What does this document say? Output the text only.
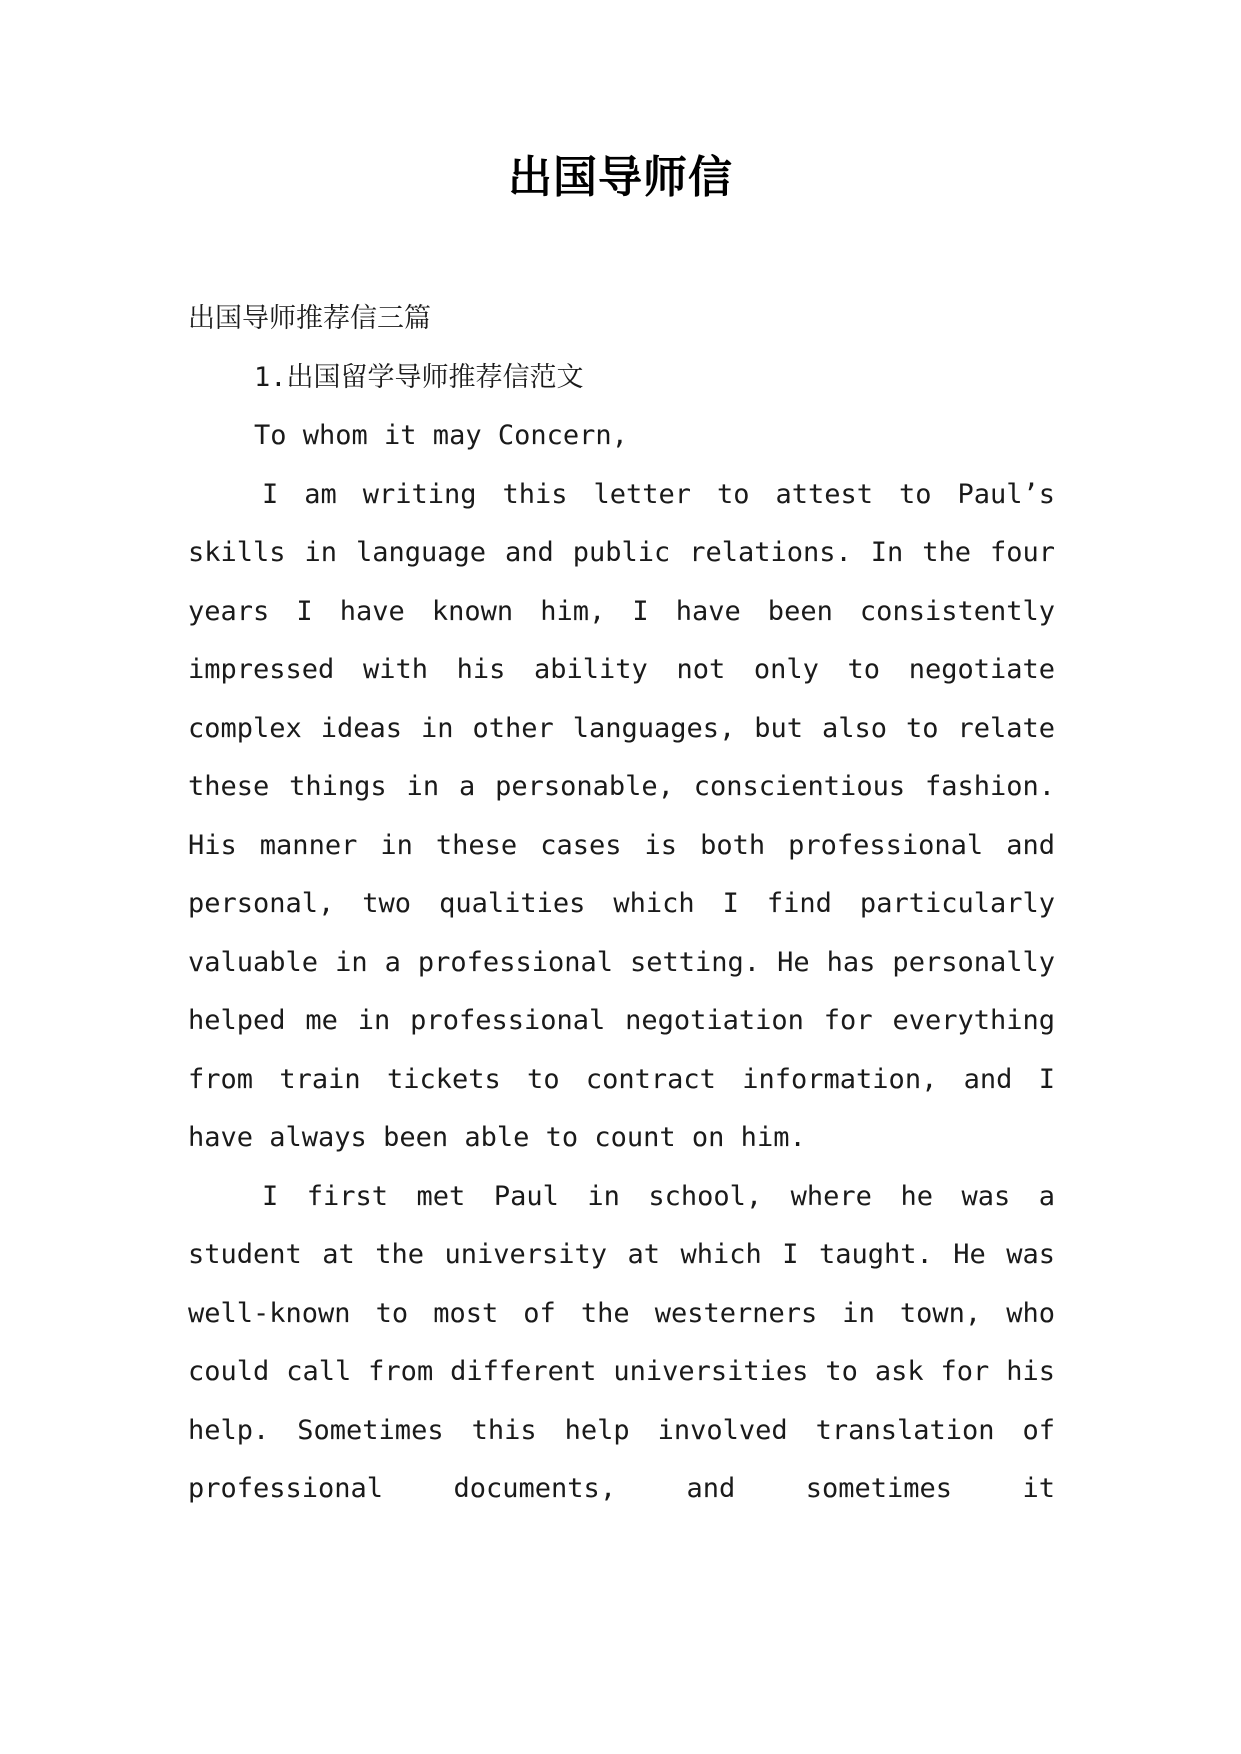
出国导师信
出国导师推荐信三篇
1.出国留学导师推荐信范文
To whom it may Concern,

I am writing this letter to attest to Paul’s skills in language and public relations. In the four years I have known him, I have been consistently impressed with his ability not only to negotiate complex ideas in other languages, but also to relate these things in a personable, conscientious fashion. His manner in these cases is both professional and personal, two qualities which I find particularly valuable in a professional setting. He has personally helped me in professional negotiation for everything from train tickets to contract information, and I have always been able to count on him.

I first met Paul in school, where he was a student at the university at which I taught. He was well-known to most of the westerners in town, who could call from different universities to ask for his help. Sometimes this help involved translation of professional documents, and sometimes it
